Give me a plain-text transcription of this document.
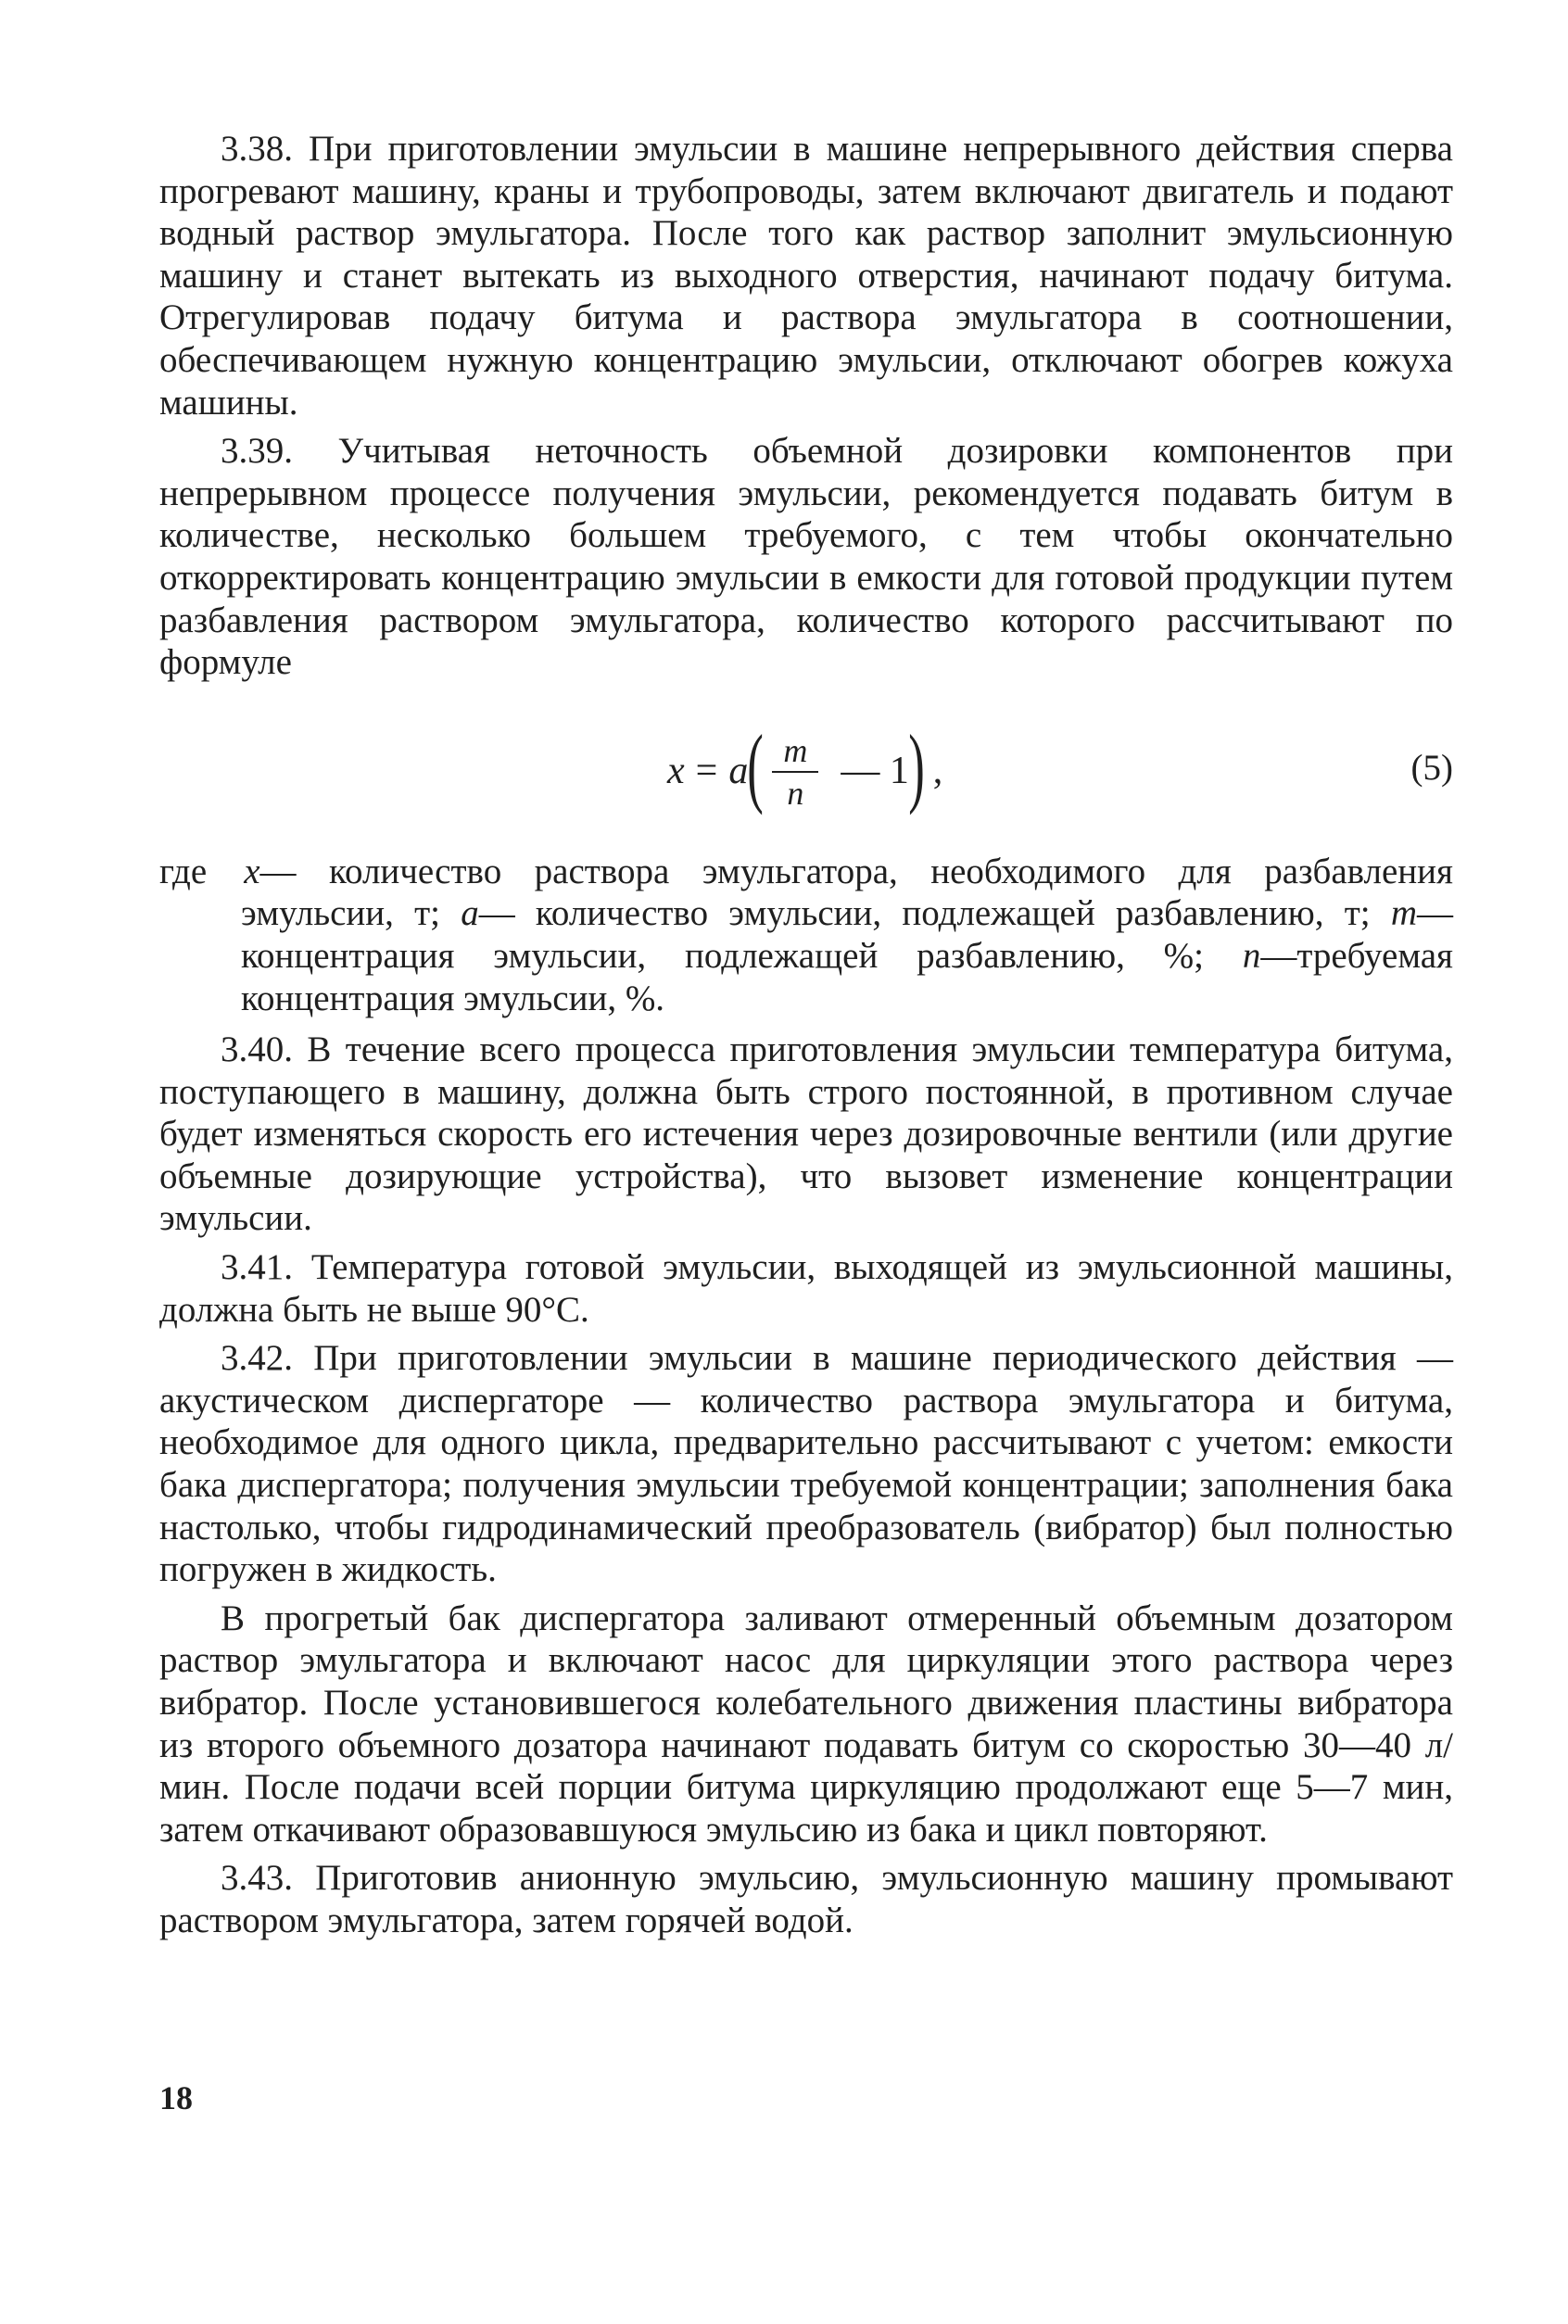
3.38. При приготовлении эмульсии в машине непрерывного действия сперва прогревают машину, краны и трубопроводы, затем включают двигатель и подают водный раствор эмульгатора. После того как раствор заполнит эмульсионную машину и станет вытекать из выходного отверстия, начинают подачу битума. Отрегулировав подачу битума и раствора эмульгатора в соотношении, обеспечивающем нужную концентрацию эмульсии, отключают обогрев кожуха машины.

3.39. Учитывая неточность объемной дозировки компонентов при непрерывном процессе получения эмульсии, рекомендуется подавать битум в количестве, несколько большем требуемого, с тем чтобы окончательно откорректировать концентрацию эмульсии в емкости для готовой продукции путем разбавления раствором эмульгатора, количество которого рассчитывают по формуле

x = a ( $\frac{m}{n}$ — 1 ) ,	(5)

где x— количество раствора эмульгатора, необходимого для разбавления эмульсии, т; a— количество эмульсии, подлежащей разбавлению, т; m— концентрация эмульсии, подлежащей разбавлению, %; n—требуемая концентрация эмульсии, %.

3.40. В течение всего процесса приготовления эмульсии температура битума, поступающего в машину, должна быть строго постоянной, в противном случае будет изменяться скорость его истечения через дозировочные вентили (или другие объемные дозирующие устройства), что вызовет изменение концентрации эмульсии.

3.41. Температура готовой эмульсии, выходящей из эмульсионной машины, должна быть не выше 90°С.

3.42. При приготовлении эмульсии в машине периодического действия — акустическом диспергаторе — количество раствора эмульгатора и битума, необходимое для одного цикла, предварительно рассчитывают с учетом: емкости бака диспергатора; получения эмульсии требуемой концентрации; заполнения бака настолько, чтобы гидродинамический преобразователь (вибратор) был полностью погружен в жидкость.

В прогретый бак диспергатора заливают отмеренный объемным дозатором раствор эмульгатора и включают насос для циркуляции этого раствора через вибратор. После установившегося колебательного движения пластины вибратора из второго объемного дозатора начинают подавать битум со скоростью 30—40 л/мин. После подачи всей порции битума циркуляцию продолжают еще 5—7 мин, затем откачивают образовавшуюся эмульсию из бака и цикл повторяют.

3.43. Приготовив анионную эмульсию, эмульсионную машину промывают раствором эмульгатора, затем горячей водой.

18
